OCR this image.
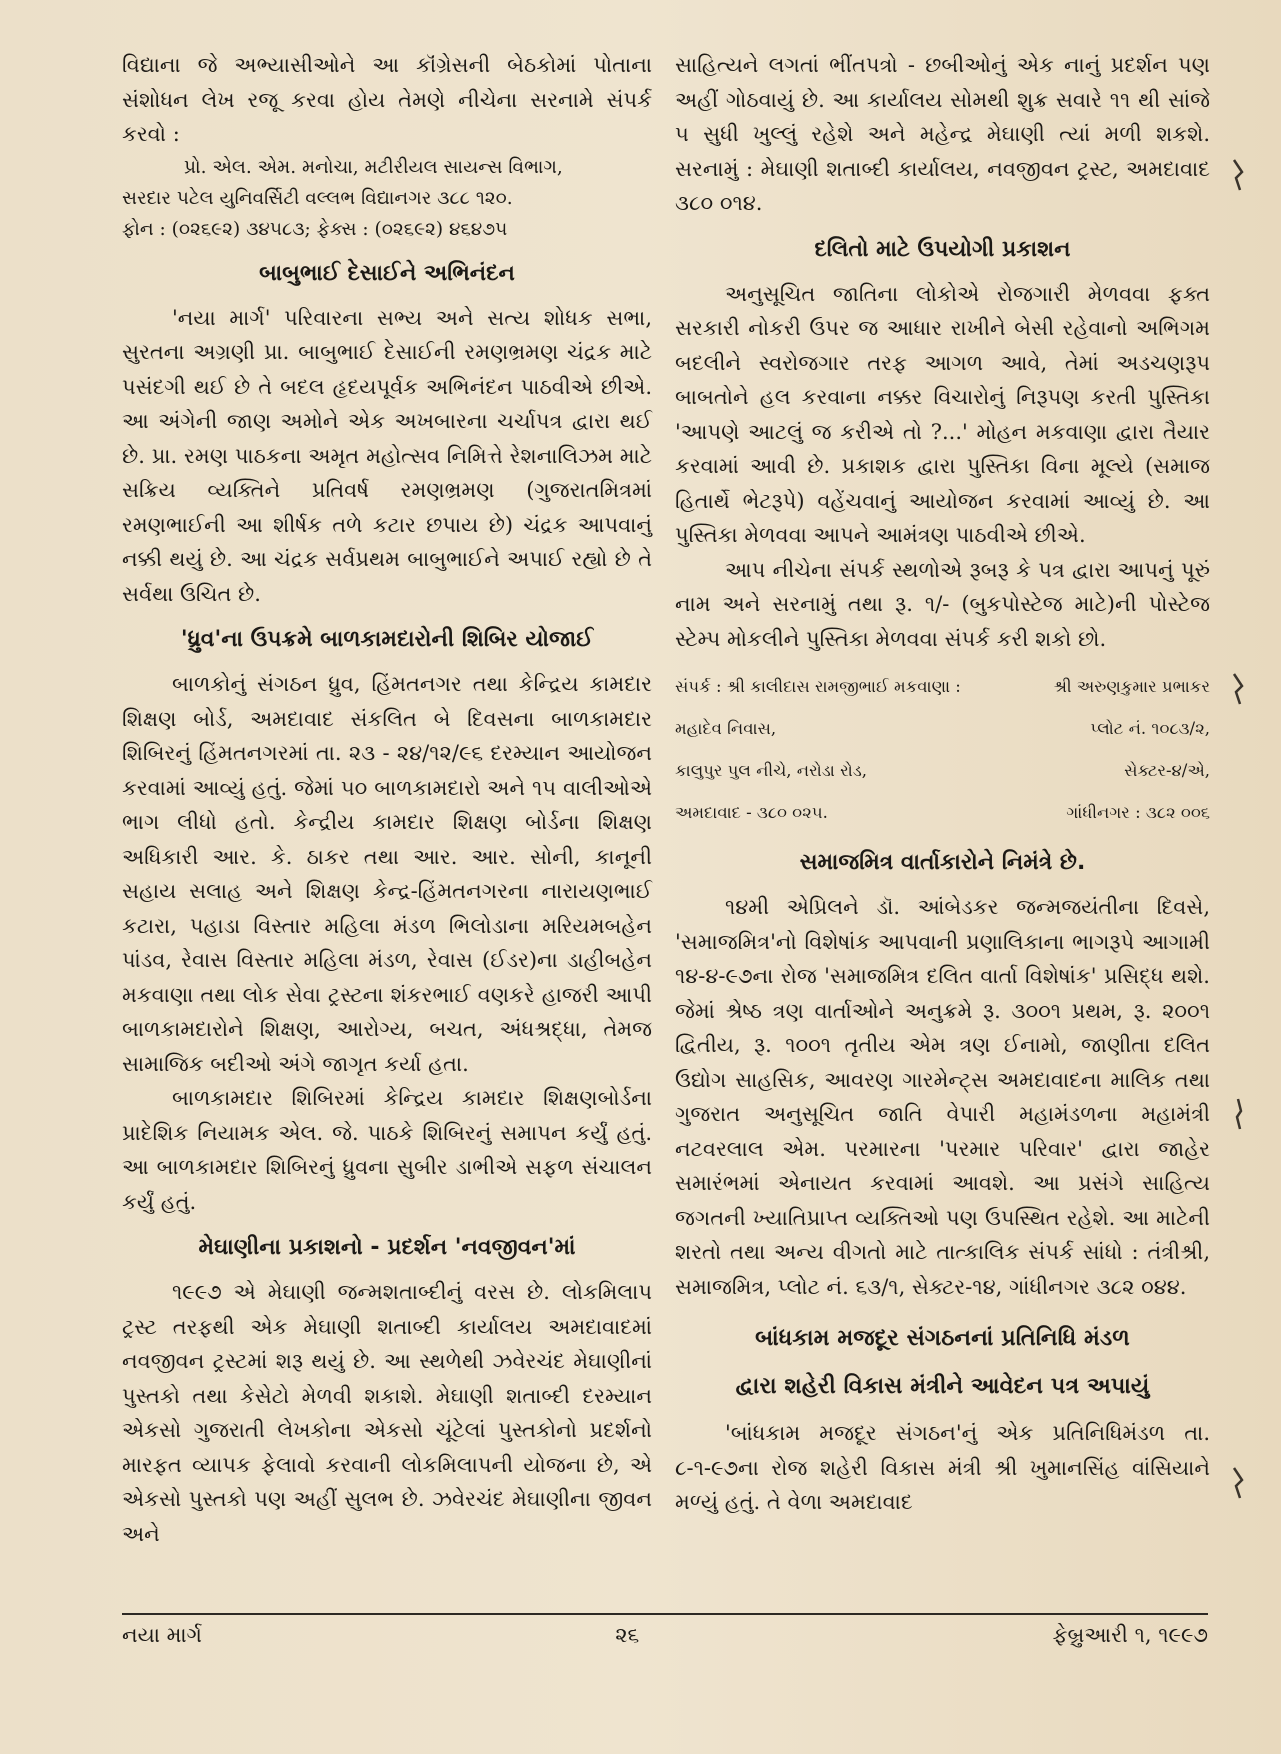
વિદ્યાના જે અભ્યાસીઓને આ કૉંગ્રેસની બેઠકોમાં પોતાના સંશોધન લેખ રજૂ કરવા હોય તેમણે નીચેના સરનામે સંપર્ક કરવો :

પ્રો. એલ. એમ. મનોચા, મટીરીયલ સાયન્સ વિભાગ,
સરદાર પટેલ યુનિવર્સિટી વલ્લભ વિદ્યાનગર ૩૮૮ ૧૨૦.
ફોન : (૦૨૬૯૨) ૩૪૫૮૩; ફેક્સ : (૦૨૬૯૨) ૪૬૪૭૫
બાબુભાઈ દેસાઈને અભિનંદન

'નયા માર્ગ' પરિવારના સભ્ય અને સત્ય શોધક સભા, સુરતના અગ્રણી પ્રા. બાબુભાઈ દેસાઈની રમણભ્રમણ ચંદ્રક માટે પસંદગી થઈ છે તે બદલ હૃદયપૂર્વક અભિનંદન પાઠવીએ છીએ. આ અંગેની જાણ અમોને એક અખબારના ચર્ચાપત્ર દ્વારા થઈ છે. પ્રા. રમણ પાઠકના અમૃત મહોત્સવ નિમિત્તે રેશનાલિઝમ માટે સક્રિય વ્યક્તિને પ્રતિવર્ષ રમણભ્રમણ (ગુજરાતમિત્રમાં રમણભાઈની આ શીર્ષક તળે કટાર છપાય છે) ચંદ્રક આપવાનું નક્કી થયું છે. આ ચંદ્રક સર્વપ્રથમ બાબુભાઈને અપાઈ રહ્યો છે તે સર્વથા ઉચિત છે.

'ધ્રુવ'ના ઉપક્રમે બાળકામદારોની શિબિર યોજાઈ

બાળકોનું સંગઠન ધ્રુવ, હિંમતનગર તથા કેન્દ્રિય કામદાર શિક્ષણ બોર્ડ, અમદાવાદ સંકલિત બે દિવસના બાળકામદાર શિબિરનું હિંમતનગરમાં તા. ૨૩ - ૨૪/૧૨/૯૬ દરમ્યાન આયોજન કરવામાં આવ્યું હતું. જેમાં ૫૦ બાળકામદારો અને ૧૫ વાલીઓએ ભાગ લીધો હતો. કેન્દ્રીય કામદાર શિક્ષણ બોર્ડના શિક્ષણ અધિકારી આર. કે. ઠાકર તથા આર. આર. સોની, કાનૂની સહાય સલાહ અને શિક્ષણ કેન્દ્ર-હિંમતનગરના નારાયણભાઈ કટારા, પહાડા વિસ્તાર મહિલા મંડળ ભિલોડાના મરિયમબહેન પાંડવ, રેવાસ વિસ્તાર મહિલા મંડળ, રેવાસ (ઈડર)ના ડાહીબહેન મકવાણા તથા લોક સેવા ટ્રસ્ટના શંકરભાઈ વણકરે હાજરી આપી બાળકામદારોને શિક્ષણ, આરોગ્ય, બચત, અંધશ્રદ્ધા, તેમજ સામાજિક બદીઓ અંગે જાગૃત કર્યા હતા.

બાળકામદાર શિબિરમાં કેન્દ્રિય કામદાર શિક્ષણબોર્ડના પ્રાદેશિક નિયામક એલ. જે. પાઠકે શિબિરનું સમાપન કર્યું હતું. આ બાળકામદાર શિબિરનું ધ્રુવના સુબીર ડાભીએ સફળ સંચાલન કર્યું હતું.

મેઘાણીના પ્રકાશનો - પ્રદર્શન 'નવજીવન'માં

૧૯૯૭ એ મેઘાણી જન્મશતાબ્દીનું વરસ છે. લોકમિલાપ ટ્રસ્ટ તરફથી એક મેઘાણી શતાબ્દી કાર્યાલય અમદાવાદમાં નવજીવન ટ્રસ્ટમાં શરૂ થયું છે. આ સ્થળેથી ઝવેરચંદ મેઘાણીનાં પુસ્તકો તથા કેસેટો મેળવી શકાશે. મેઘાણી શતાબ્દી દરમ્યાન એકસો ગુજરાતી લેખકોના એકસો ચૂંટેલાં પુસ્તકોનો પ્રદર્શનો મારફત વ્યાપક ફેલાવો કરવાની લોકમિલાપની યોજના છે, એ એકસો પુસ્તકો પણ અહીં સુલભ છે. ઝવેરચંદ મેઘાણીના જીવન અને

સાહિત્યને લગતાં ભીંતપત્રો - છબીઓનું એક નાનું પ્રદર્શન પણ અહીં ગોઠવાયું છે. આ કાર્યાલય સોમથી શુક્ર સવારે ૧૧ થી સાંજે ૫ સુધી ખુલ્લું રહેશે અને મહેન્દ્ર મેઘાણી ત્યાં મળી શકશે. સરનામું : મેઘાણી શતાબ્દી કાર્યાલય, નવજીવન ટ્રસ્ટ, અમદાવાદ ૩૮૦ ૦૧૪.

દલિતો માટે ઉપયોગી પ્રકાશન

અનુસૂચિત જાતિના લોકોએ રોજગારી મેળવવા ફક્ત સરકારી નોકરી ઉપર જ આધાર રાખીને બેસી રહેવાનો અભિગમ બદલીને સ્વરોજગાર તરફ આગળ આવે, તેમાં અડચણરૂપ બાબતોને હલ કરવાના નક્કર વિચારોનું નિરૂપણ કરતી પુસ્તિકા 'આપણે આટલું જ કરીએ તો ?...' મોહન મકવાણા દ્વારા તૈયાર કરવામાં આવી છે. પ્રકાશક દ્વારા પુસ્તિકા વિના મૂલ્યે (સમાજ હિતાર્થે ભેટરૂપે) વહેંચવાનું આયોજન કરવામાં આવ્યું છે. આ પુસ્તિકા મેળવવા આપને આમંત્રણ પાઠવીએ છીએ.

આપ નીચેના સંપર્ક સ્થળોએ રૂબરૂ કે પત્ર દ્વારા આપનું પૂરું નામ અને સરનામું તથા રૂ. ૧/- (બુકપોસ્ટેજ માટે)ની પોસ્ટેજ સ્ટેમ્પ મોકલીને પુસ્તિકા મેળવવા સંપર્ક કરી શકો છો.

સંપર્ક : શ્રી કાલીદાસ રામજીભાઈ મકવાણા :	શ્રી અરુણકુમાર પ્રભાકર
મહાદેવ નિવાસ,	પ્લોટ નં. ૧૦૮૩/૨,
કાલુપુર પુલ નીચે, નરોડા રોડ,	સેક્ટર-૪/એ,
અમદાવાદ - ૩૮૦ ૦૨૫.	ગાંધીનગર : ૩૮૨ ૦૦૬
સમાજમિત્ર વાર્તાકારોને નિમંત્રે છે.

૧૪મી એપ્રિલને ડૉ. આંબેડકર જન્મજયંતીના દિવસે, 'સમાજમિત્ર'નો વિશેષાંક આપવાની પ્રણાલિકાના ભાગરૂપે આગામી ૧૪-૪-૯૭ના રોજ 'સમાજમિત્ર દલિત વાર્તા વિશેષાંક' પ્રસિદ્ધ થશે. જેમાં શ્રેષ્ઠ ત્રણ વાર્તાઓને અનુક્રમે રૂ. ૩૦૦૧ પ્રથમ, રૂ. ૨૦૦૧ દ્વિતીય, રૂ. ૧૦૦૧ તૃતીય એમ ત્રણ ઈનામો, જાણીતા દલિત ઉદ્યોગ સાહસિક, આવરણ ગારમેન્ટ્સ અમદાવાદના માલિક તથા ગુજરાત અનુસૂચિત જાતિ વેપારી મહામંડળના મહામંત્રી નટવરલાલ એમ. પરમારના 'પરમાર પરિવાર' દ્વારા જાહેર સમારંભમાં એનાયત કરવામાં આવશે. આ પ્રસંગે સાહિત્ય જગતની ખ્યાતિપ્રાપ્ત વ્યક્તિઓ પણ ઉપસ્થિત રહેશે. આ માટેની શરતો તથા અન્ય વીગતો માટે તાત્કાલિક સંપર્ક સાંધો : તંત્રીશ્રી, સમાજમિત્ર, પ્લોટ નં. ૬૩/૧, સેક્ટર-૧૪, ગાંધીનગર ૩૮૨ ૦૪૪.

બાંધકામ મજદૂર સંગઠનનાં પ્રતિનિધિ મંડળ
દ્વારા શહેરી વિકાસ મંત્રીને આવેદન પત્ર અપાયું

'બાંધકામ મજદૂર સંગઠન'નું એક પ્રતિનિધિમંડળ તા. ૮-૧-૯૭ના રોજ શહેરી વિકાસ મંત્રી શ્રી ખુમાનસિંહ વાંસિયાને મળ્યું હતું. તે વેળા અમદાવાદ

નયા માર્ગ	૨૬	ફેબ્રુઆરી ૧, ૧૯૯૭
